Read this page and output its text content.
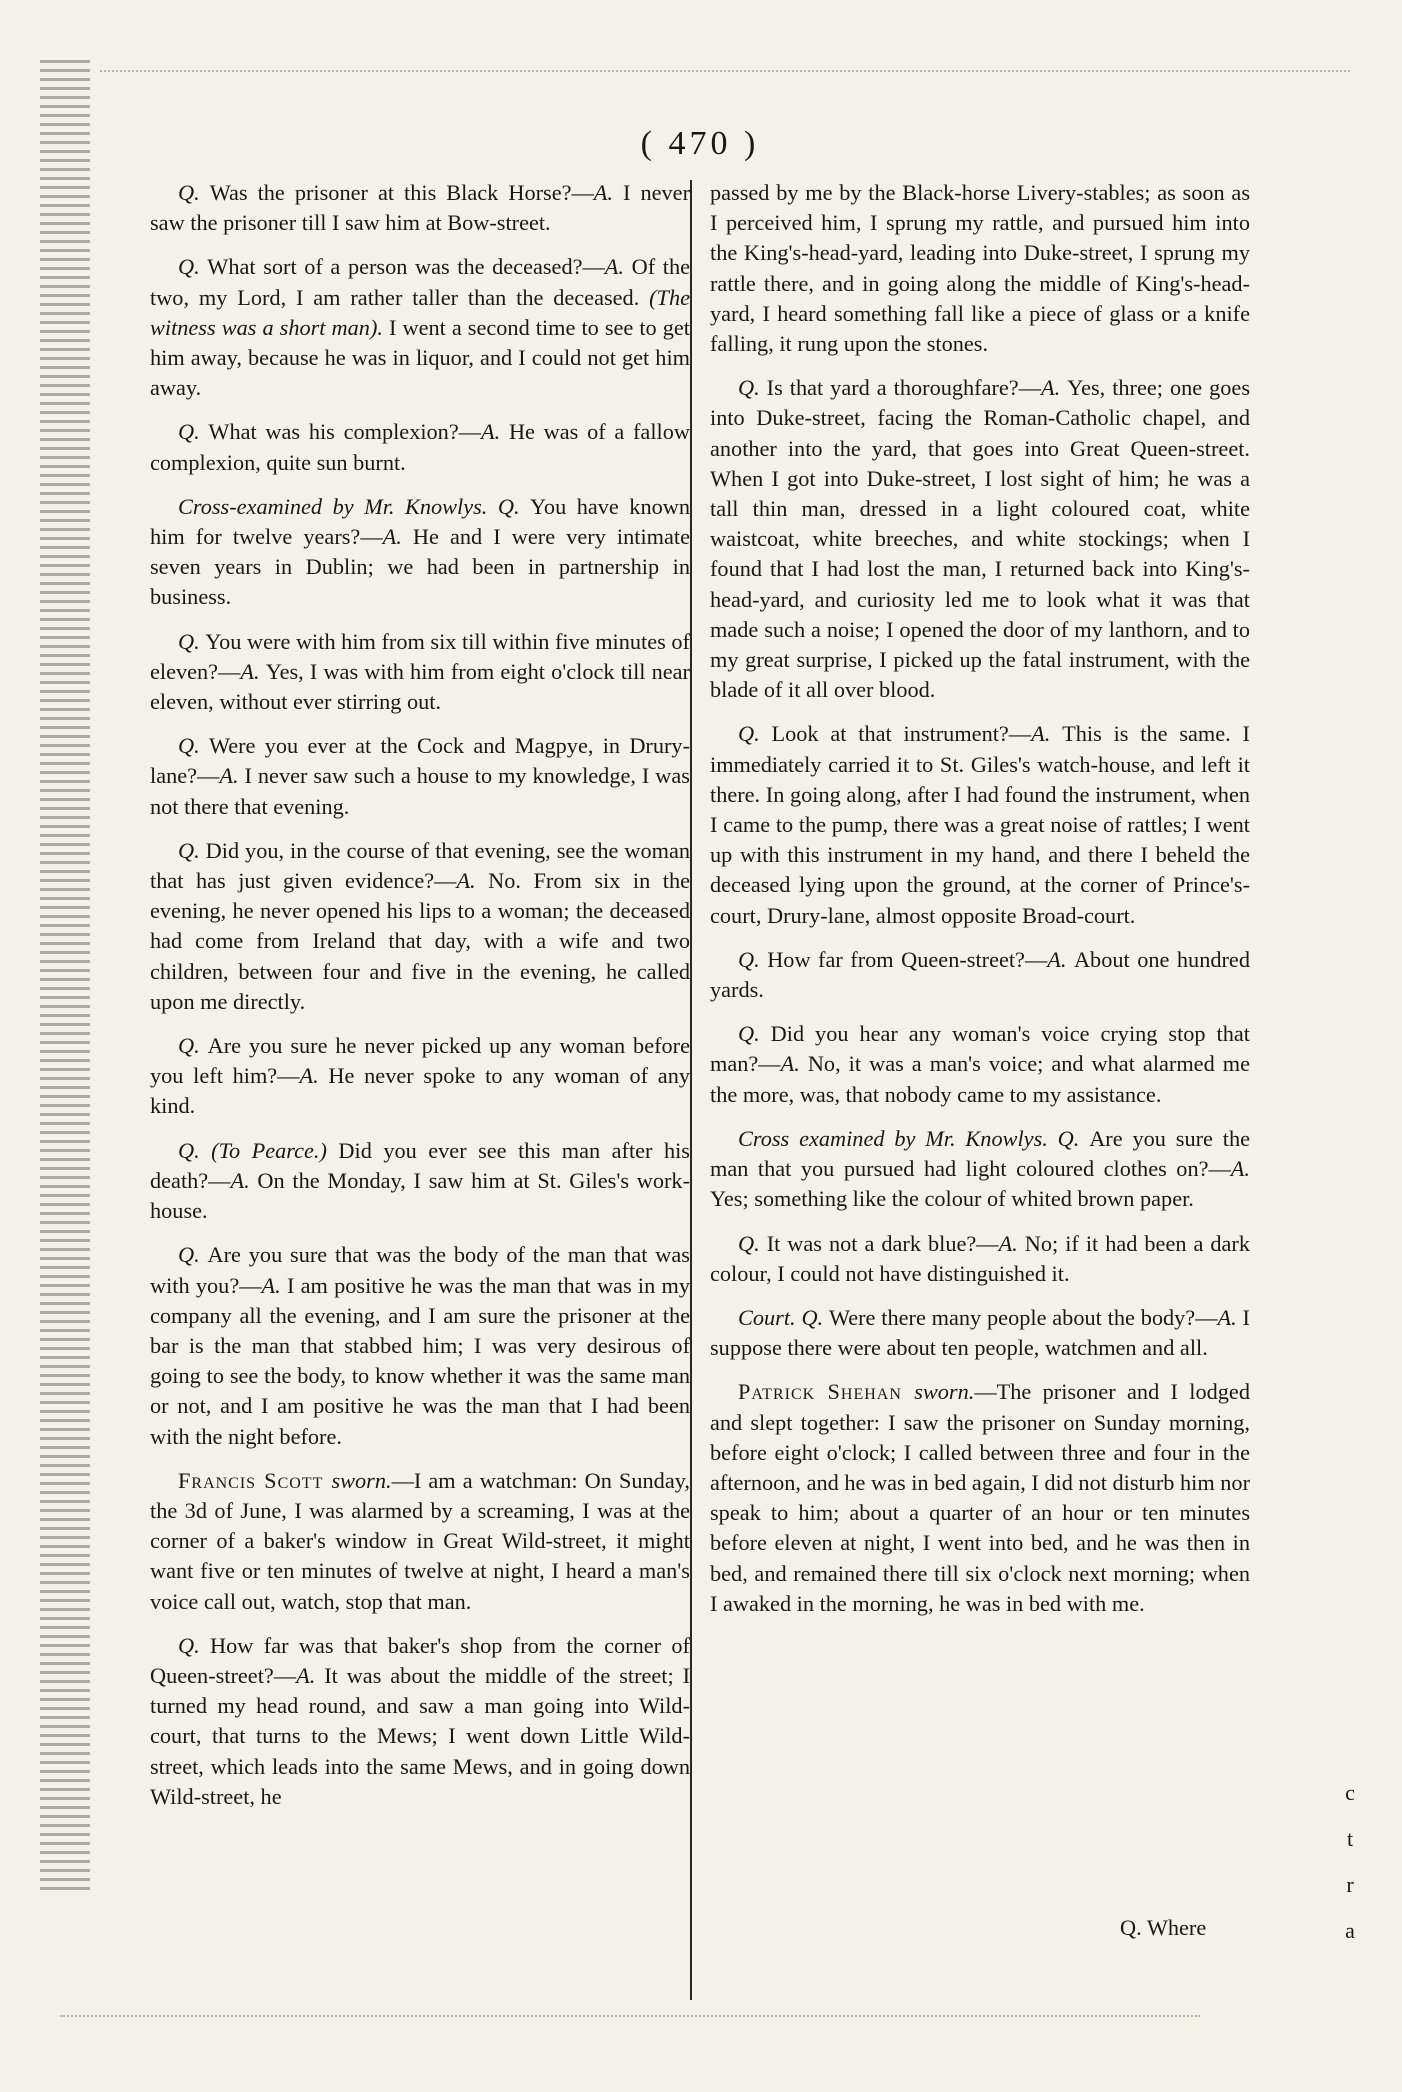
( 470 )

Q. Was the prisoner at this Black Horse?—A. I never saw the prisoner till I saw him at Bow-street.

Q. What sort of a person was the deceased?—A. Of the two, my Lord, I am rather taller than the deceased. (The witness was a short man). I went a second time to see to get him away, because he was in liquor, and I could not get him away.

Q. What was his complexion?—A. He was of a fallow complexion, quite sun burnt.

Cross-examined by Mr. Knowlys. Q. You have known him for twelve years?—A. He and I were very intimate seven years in Dublin; we had been in partnership in business.

Q. You were with him from six till within five minutes of eleven?—A. Yes, I was with him from eight o'clock till near eleven, without ever stirring out.

Q. Were you ever at the Cock and Magpye, in Drury-lane?—A. I never saw such a house to my knowledge, I was not there that evening.

Q. Did you, in the course of that evening, see the woman that has just given evidence?—A. No. From six in the evening, he never opened his lips to a woman; the deceased had come from Ireland that day, with a wife and two children, between four and five in the evening, he called upon me directly.

Q. Are you sure he never picked up any woman before you left him?—A. He never spoke to any woman of any kind.

Q. (To Pearce.) Did you ever see this man after his death?—A. On the Monday, I saw him at St. Giles's work-house.

Q. Are you sure that was the body of the man that was with you?—A. I am positive he was the man that was in my company all the evening, and I am sure the prisoner at the bar is the man that stabbed him; I was very desirous of going to see the body, to know whether it was the same man or not, and I am positive he was the man that I had been with the night before.

Francis Scott sworn.—I am a watchman: On Sunday, the 3d of June, I was alarmed by a screaming, I was at the corner of a baker's window in Great Wild-street, it might want five or ten minutes of twelve at night, I heard a man's voice call out, watch, stop that man.

Q. How far was that baker's shop from the corner of Queen-street?—A. It was about the middle of the street; I turned my head round, and saw a man going into Wild-court, that turns to the Mews; I went down Little Wild-street, which leads into the same Mews, and in going down Wild-street, he

passed by me by the Black-horse Livery-stables; as soon as I perceived him, I sprung my rattle, and pursued him into the King's-head-yard, leading into Duke-street, I sprung my rattle there, and in going along the middle of King's-head-yard, I heard something fall like a piece of glass or a knife falling, it rung upon the stones.

Q. Is that yard a thoroughfare?—A. Yes, three; one goes into Duke-street, facing the Roman-Catholic chapel, and another into the yard, that goes into Great Queen-street. When I got into Duke-street, I lost sight of him; he was a tall thin man, dressed in a light coloured coat, white waistcoat, white breeches, and white stockings; when I found that I had lost the man, I returned back into King's-head-yard, and curiosity led me to look what it was that made such a noise; I opened the door of my lanthorn, and to my great surprise, I picked up the fatal instrument, with the blade of it all over blood.

Q. Look at that instrument?—A. This is the same. I immediately carried it to St. Giles's watch-house, and left it there. In going along, after I had found the instrument, when I came to the pump, there was a great noise of rattles; I went up with this instrument in my hand, and there I beheld the deceased lying upon the ground, at the corner of Prince's-court, Drury-lane, almost opposite Broad-court.

Q. How far from Queen-street?—A. About one hundred yards.

Q. Did you hear any woman's voice crying stop that man?—A. No, it was a man's voice; and what alarmed me the more, was, that nobody came to my assistance.

Cross examined by Mr. Knowlys. Q. Are you sure the man that you pursued had light coloured clothes on?—A. Yes; something like the colour of whited brown paper.

Q. It was not a dark blue?—A. No; if it had been a dark colour, I could not have distinguished it.

Court. Q. Were there many people about the body?—A. I suppose there were about ten people, watchmen and all.

Patrick Shehan sworn.—The prisoner and I lodged and slept together: I saw the prisoner on Sunday morning, before eight o'clock; I called between three and four in the afternoon, and he was in bed again, I did not disturb him nor speak to him; about a quarter of an hour or ten minutes before eleven at night, I went into bed, and he was then in bed, and remained there till six o'clock next morning; when I awaked in the morning, he was in bed with me.

Q. Where
c
t
r
a
